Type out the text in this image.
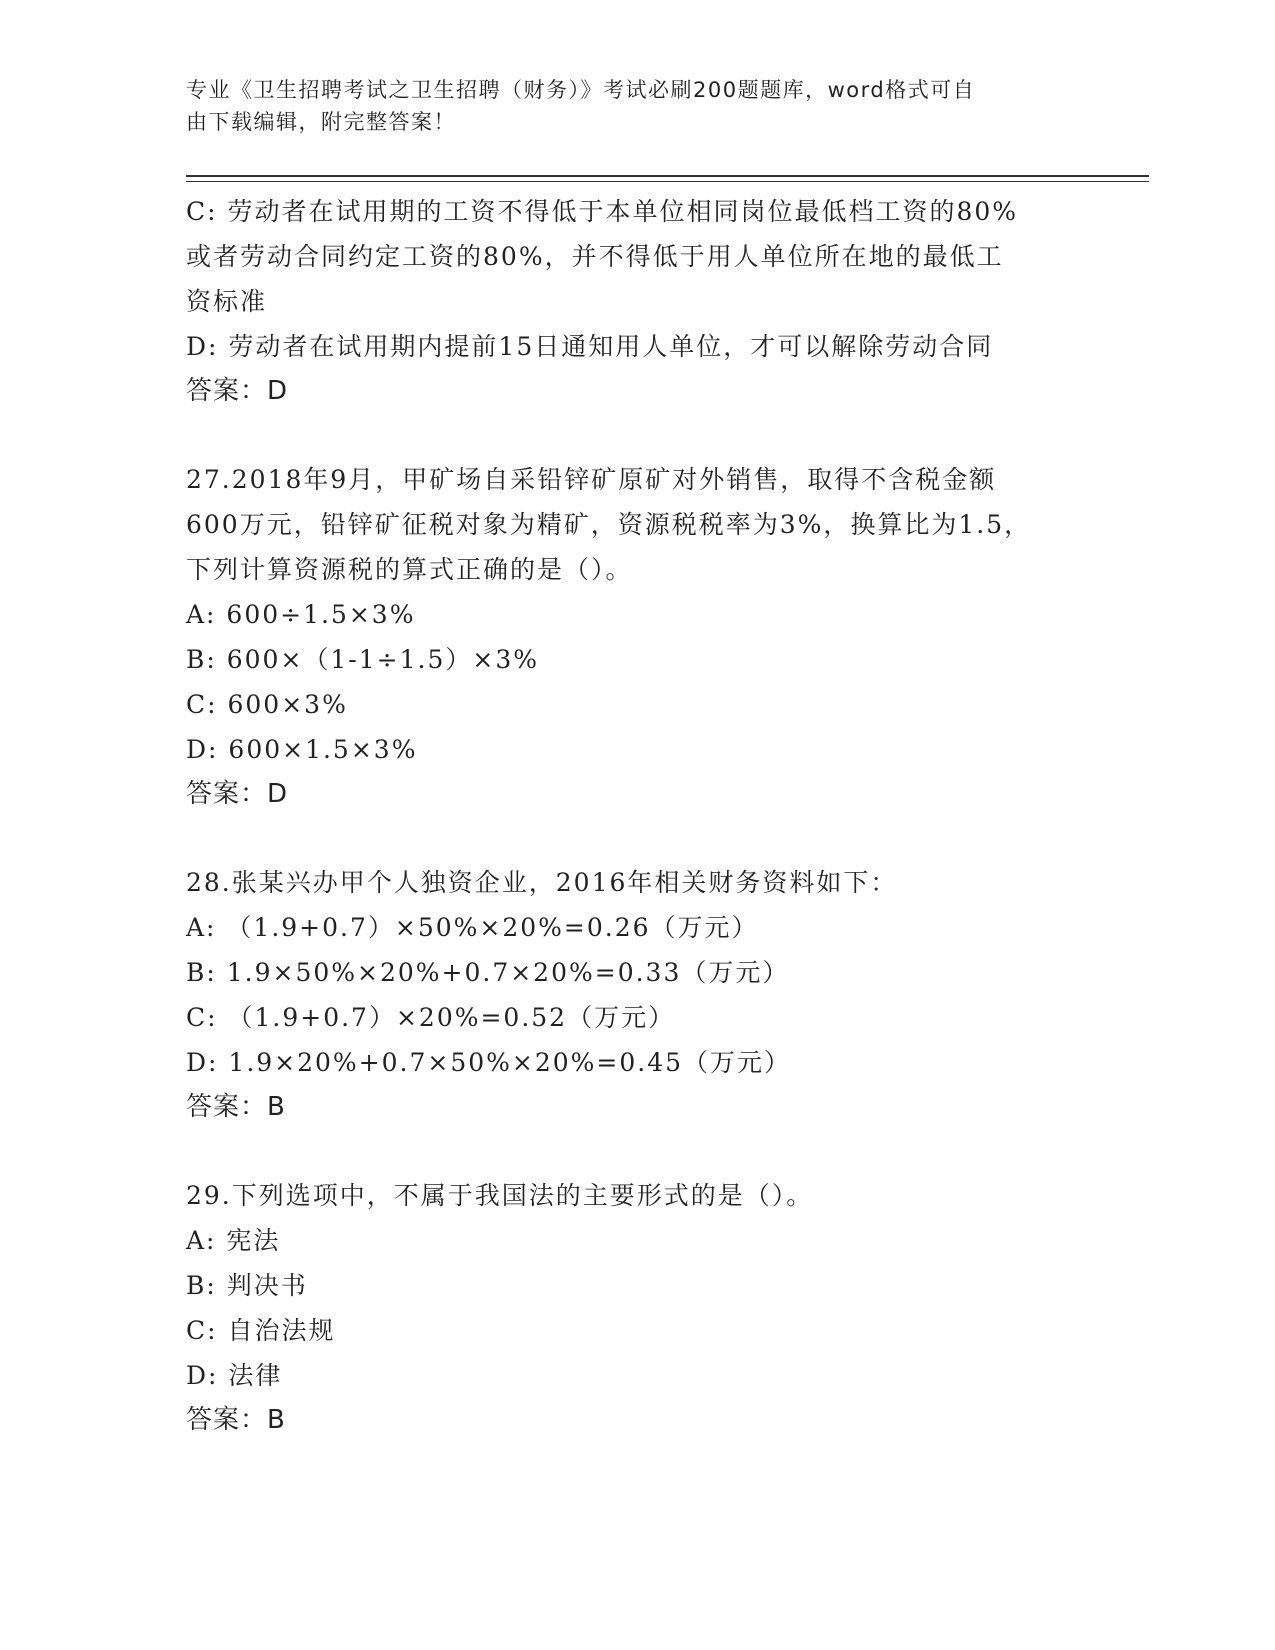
专业《卫生招聘考试之卫生招聘（财务）》考试必刷200题题库，word格式可自
由下载编辑，附完整答案！
C: 劳动者在试用期的工资不得低于本单位相同岗位最低档工资的80%
或者劳动合同约定工资的80%，并不得低于用人单位所在地的最低工
资标准
D: 劳动者在试用期内提前15日通知用人单位，才可以解除劳动合同
答案：D
27.2018年9月，甲矿场自采铅锌矿原矿对外销售，取得不含税金额
600万元，铅锌矿征税对象为精矿，资源税税率为3%，换算比为1.5，
下列计算资源税的算式正确的是（）。
A: 600÷1.5×3%
B: 600×（1-1÷1.5）×3%
C: 600×3%
D: 600×1.5×3%
答案：D
28.张某兴办甲个人独资企业，2016年相关财务资料如下：
A: （1.9+0.7）×50%×20%=0.26（万元）
B: 1.9×50%×20%+0.7×20%=0.33（万元）
C: （1.9+0.7）×20%=0.52（万元）
D: 1.9×20%+0.7×50%×20%=0.45（万元）
答案：B
29.下列选项中，不属于我国法的主要形式的是（）。
A: 宪法
B: 判决书
C: 自治法规
D: 法律
答案：B
